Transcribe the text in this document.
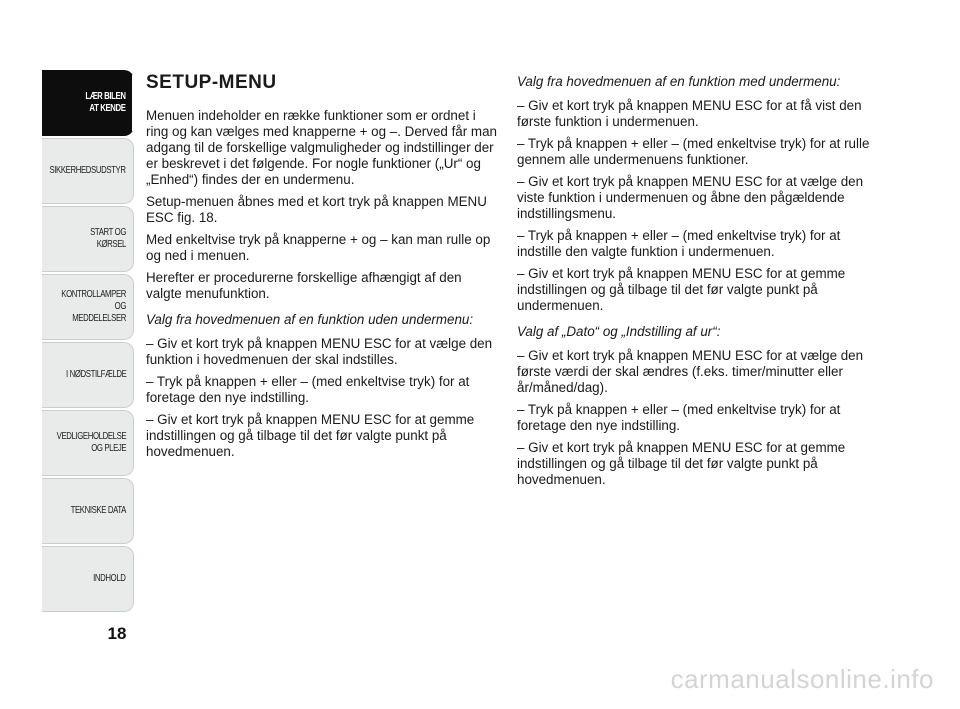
LÆR BILEN
AT KENDE
SIKKERHEDSUDSTYR
START OG KØRSEL
KONTROLLAMPER
OG MEDDELELSER
I NØDSTILFÆLDE
VEDLIGEHOLDELSE
OG PLEJE
TEKNISKE DATA
INDHOLD
18
SETUP-MENU

Menuen indeholder en række funktioner som er ordnet i ring og kan vælges med knapperne + og –. Derved får man adgang til de forskellige valgmuligheder og indstillinger der er beskrevet i det følgende. For nogle funktioner („Ur“ og „Enhed“) findes der en undermenu.

Setup-menuen åbnes med et kort tryk på knappen MENU ESC fig. 18.

Med enkeltvise tryk på knapperne + og – kan man rulle op og ned i menuen.

Herefter er procedurerne forskellige afhængigt af den valgte menufunktion.

Valg fra hovedmenuen af en funktion uden undermenu:

– Giv et kort tryk på knappen MENU ESC for at vælge den funktion i hovedmenuen der skal indstilles.

– Tryk på knappen + eller – (med enkeltvise tryk) for at foretage den nye indstilling.

– Giv et kort tryk på knappen MENU ESC for at gemme indstillingen og gå tilbage til det før valgte punkt på hovedmenuen.

Valg fra hovedmenuen af en funktion med undermenu:

– Giv et kort tryk på knappen MENU ESC for at få vist den første funktion i undermenuen.

– Tryk på knappen + eller – (med enkeltvise tryk) for at rulle gennem alle undermenuens funktioner.

– Giv et kort tryk på knappen MENU ESC for at vælge den viste funktion i undermenuen og åbne den pågældende indstillingsmenu.

– Tryk på knappen + eller – (med enkeltvise tryk) for at indstille den valgte funktion i undermenuen.

– Giv et kort tryk på knappen MENU ESC for at gemme indstillingen og gå tilbage til det før valgte punkt på undermenuen.

Valg af „Dato“ og „Indstilling af ur“:

– Giv et kort tryk på knappen MENU ESC for at vælge den første værdi der skal ændres (f.eks. timer/minutter eller år/måned/dag).

– Tryk på knappen + eller – (med enkeltvise tryk) for at foretage den nye indstilling.

– Giv et kort tryk på knappen MENU ESC for at gemme indstillingen og gå tilbage til det før valgte punkt på hovedmenuen.

carmanualsonline.info
